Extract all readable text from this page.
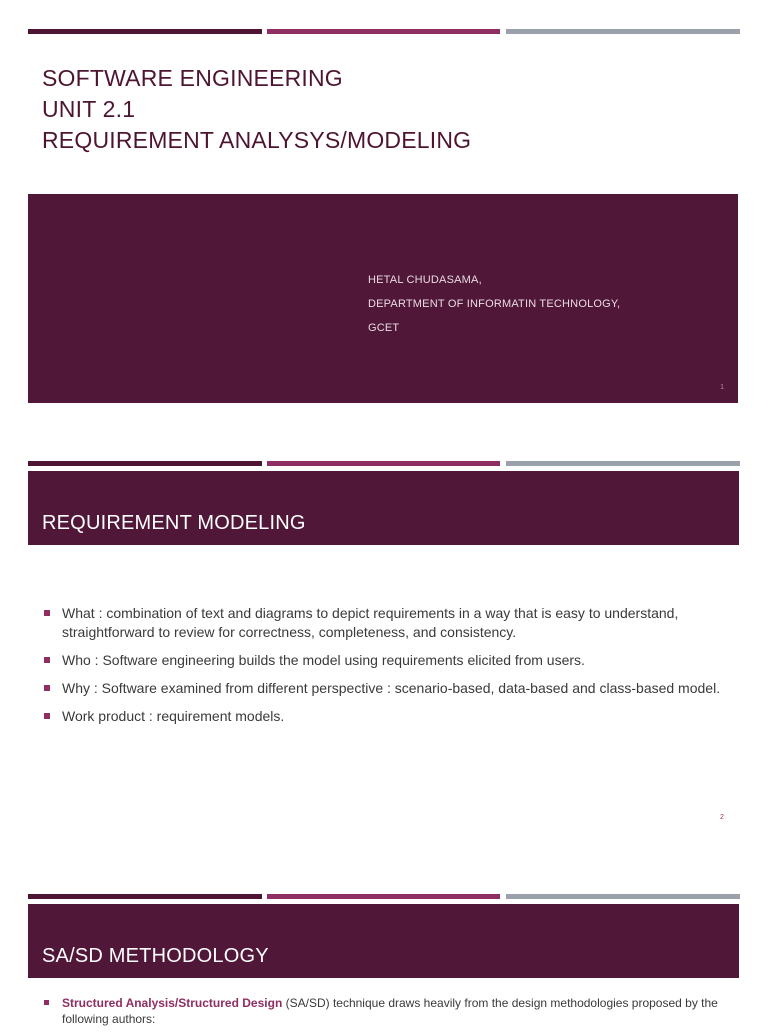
SOFTWARE ENGINEERING
UNIT 2.1
REQUIREMENT ANALYSYS/MODELING
HETAL CHUDASAMA,
DEPARTMENT OF INFORMATIN TECHNOLOGY,
GCET
1
REQUIREMENT MODELING
What : combination of text and diagrams to depict requirements in a way that is easy to understand, straightforward to review for correctness, completeness, and consistency.
Who : Software engineering builds the model using requirements elicited from users.
Why : Software examined from different perspective : scenario-based, data-based and class-based model.
Work product : requirement models.
2
SA/SD METHODOLOGY
Structured Analysis/Structured Design (SA/SD) technique draws heavily from the design methodologies proposed by the following authors:
